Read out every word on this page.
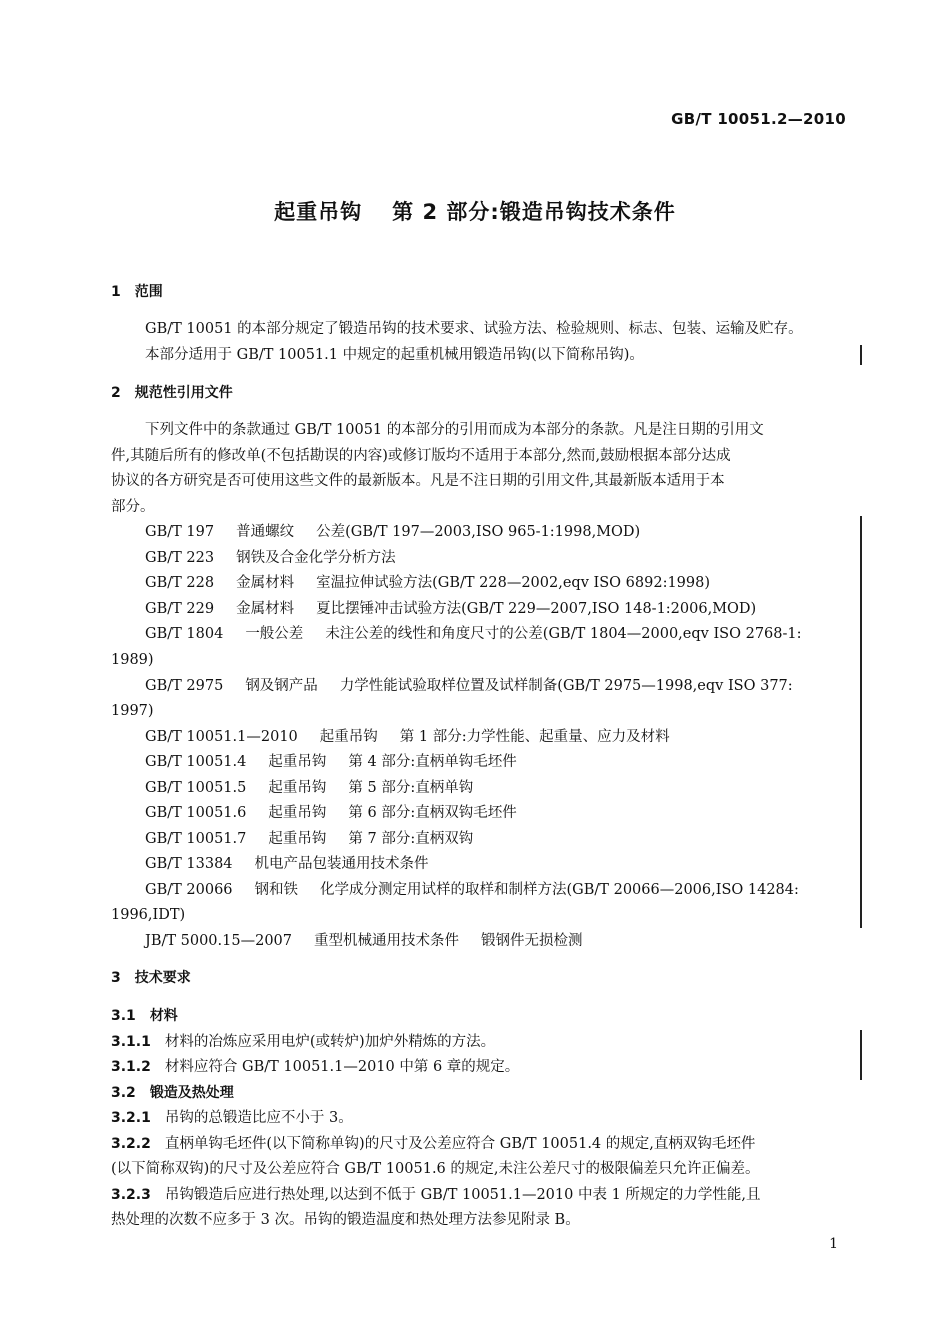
GB/T 10051.2—2010
起重吊钩 第 2 部分:锻造吊钩技术条件
1 范围
GB/T 10051 的本部分规定了锻造吊钩的技术要求、试验方法、检验规则、标志、包装、运输及贮存。
本部分适用于 GB/T 10051.1 中规定的起重机械用锻造吊钩(以下简称吊钩)。
2 规范性引用文件
下列文件中的条款通过 GB/T 10051 的本部分的引用而成为本部分的条款。凡是注日期的引用文
件,其随后所有的修改单(不包括勘误的内容)或修订版均不适用于本部分,然而,鼓励根据本部分达成
协议的各方研究是否可使用这些文件的最新版本。凡是不注日期的引用文件,其最新版本适用于本
部分。
GB/T 197 普通螺纹 公差(GB/T 197—2003,ISO 965-1:1998,MOD)
GB/T 223 钢铁及合金化学分析方法
GB/T 228 金属材料 室温拉伸试验方法(GB/T 228—2002,eqv ISO 6892:1998)
GB/T 229 金属材料 夏比摆锤冲击试验方法(GB/T 229—2007,ISO 148-1:2006,MOD)
GB/T 1804 一般公差 未注公差的线性和角度尺寸的公差(GB/T 1804—2000,eqv ISO 2768-1:
1989)
GB/T 2975 钢及钢产品 力学性能试验取样位置及试样制备(GB/T 2975—1998,eqv ISO 377:
1997)
GB/T 10051.1—2010 起重吊钩 第 1 部分:力学性能、起重量、应力及材料
GB/T 10051.4 起重吊钩 第 4 部分:直柄单钩毛坯件
GB/T 10051.5 起重吊钩 第 5 部分:直柄单钩
GB/T 10051.6 起重吊钩 第 6 部分:直柄双钩毛坯件
GB/T 10051.7 起重吊钩 第 7 部分:直柄双钩
GB/T 13384 机电产品包装通用技术条件
GB/T 20066 钢和铁 化学成分测定用试样的取样和制样方法(GB/T 20066—2006,ISO 14284:
1996,IDT)
JB/T 5000.15—2007 重型机械通用技术条件 锻钢件无损检测
3 技术要求
3.1 材料
3.1.1 材料的冶炼应采用电炉(或转炉)加炉外精炼的方法。
3.1.2 材料应符合 GB/T 10051.1—2010 中第 6 章的规定。
3.2 锻造及热处理
3.2.1 吊钩的总锻造比应不小于 3。
3.2.2 直柄单钩毛坯件(以下简称单钩)的尺寸及公差应符合 GB/T 10051.4 的规定,直柄双钩毛坯件
(以下简称双钩)的尺寸及公差应符合 GB/T 10051.6 的规定,未注公差尺寸的极限偏差只允许正偏差。
3.2.3 吊钩锻造后应进行热处理,以达到不低于 GB/T 10051.1—2010 中表 1 所规定的力学性能,且
热处理的次数不应多于 3 次。吊钩的锻造温度和热处理方法参见附录 B。
1
